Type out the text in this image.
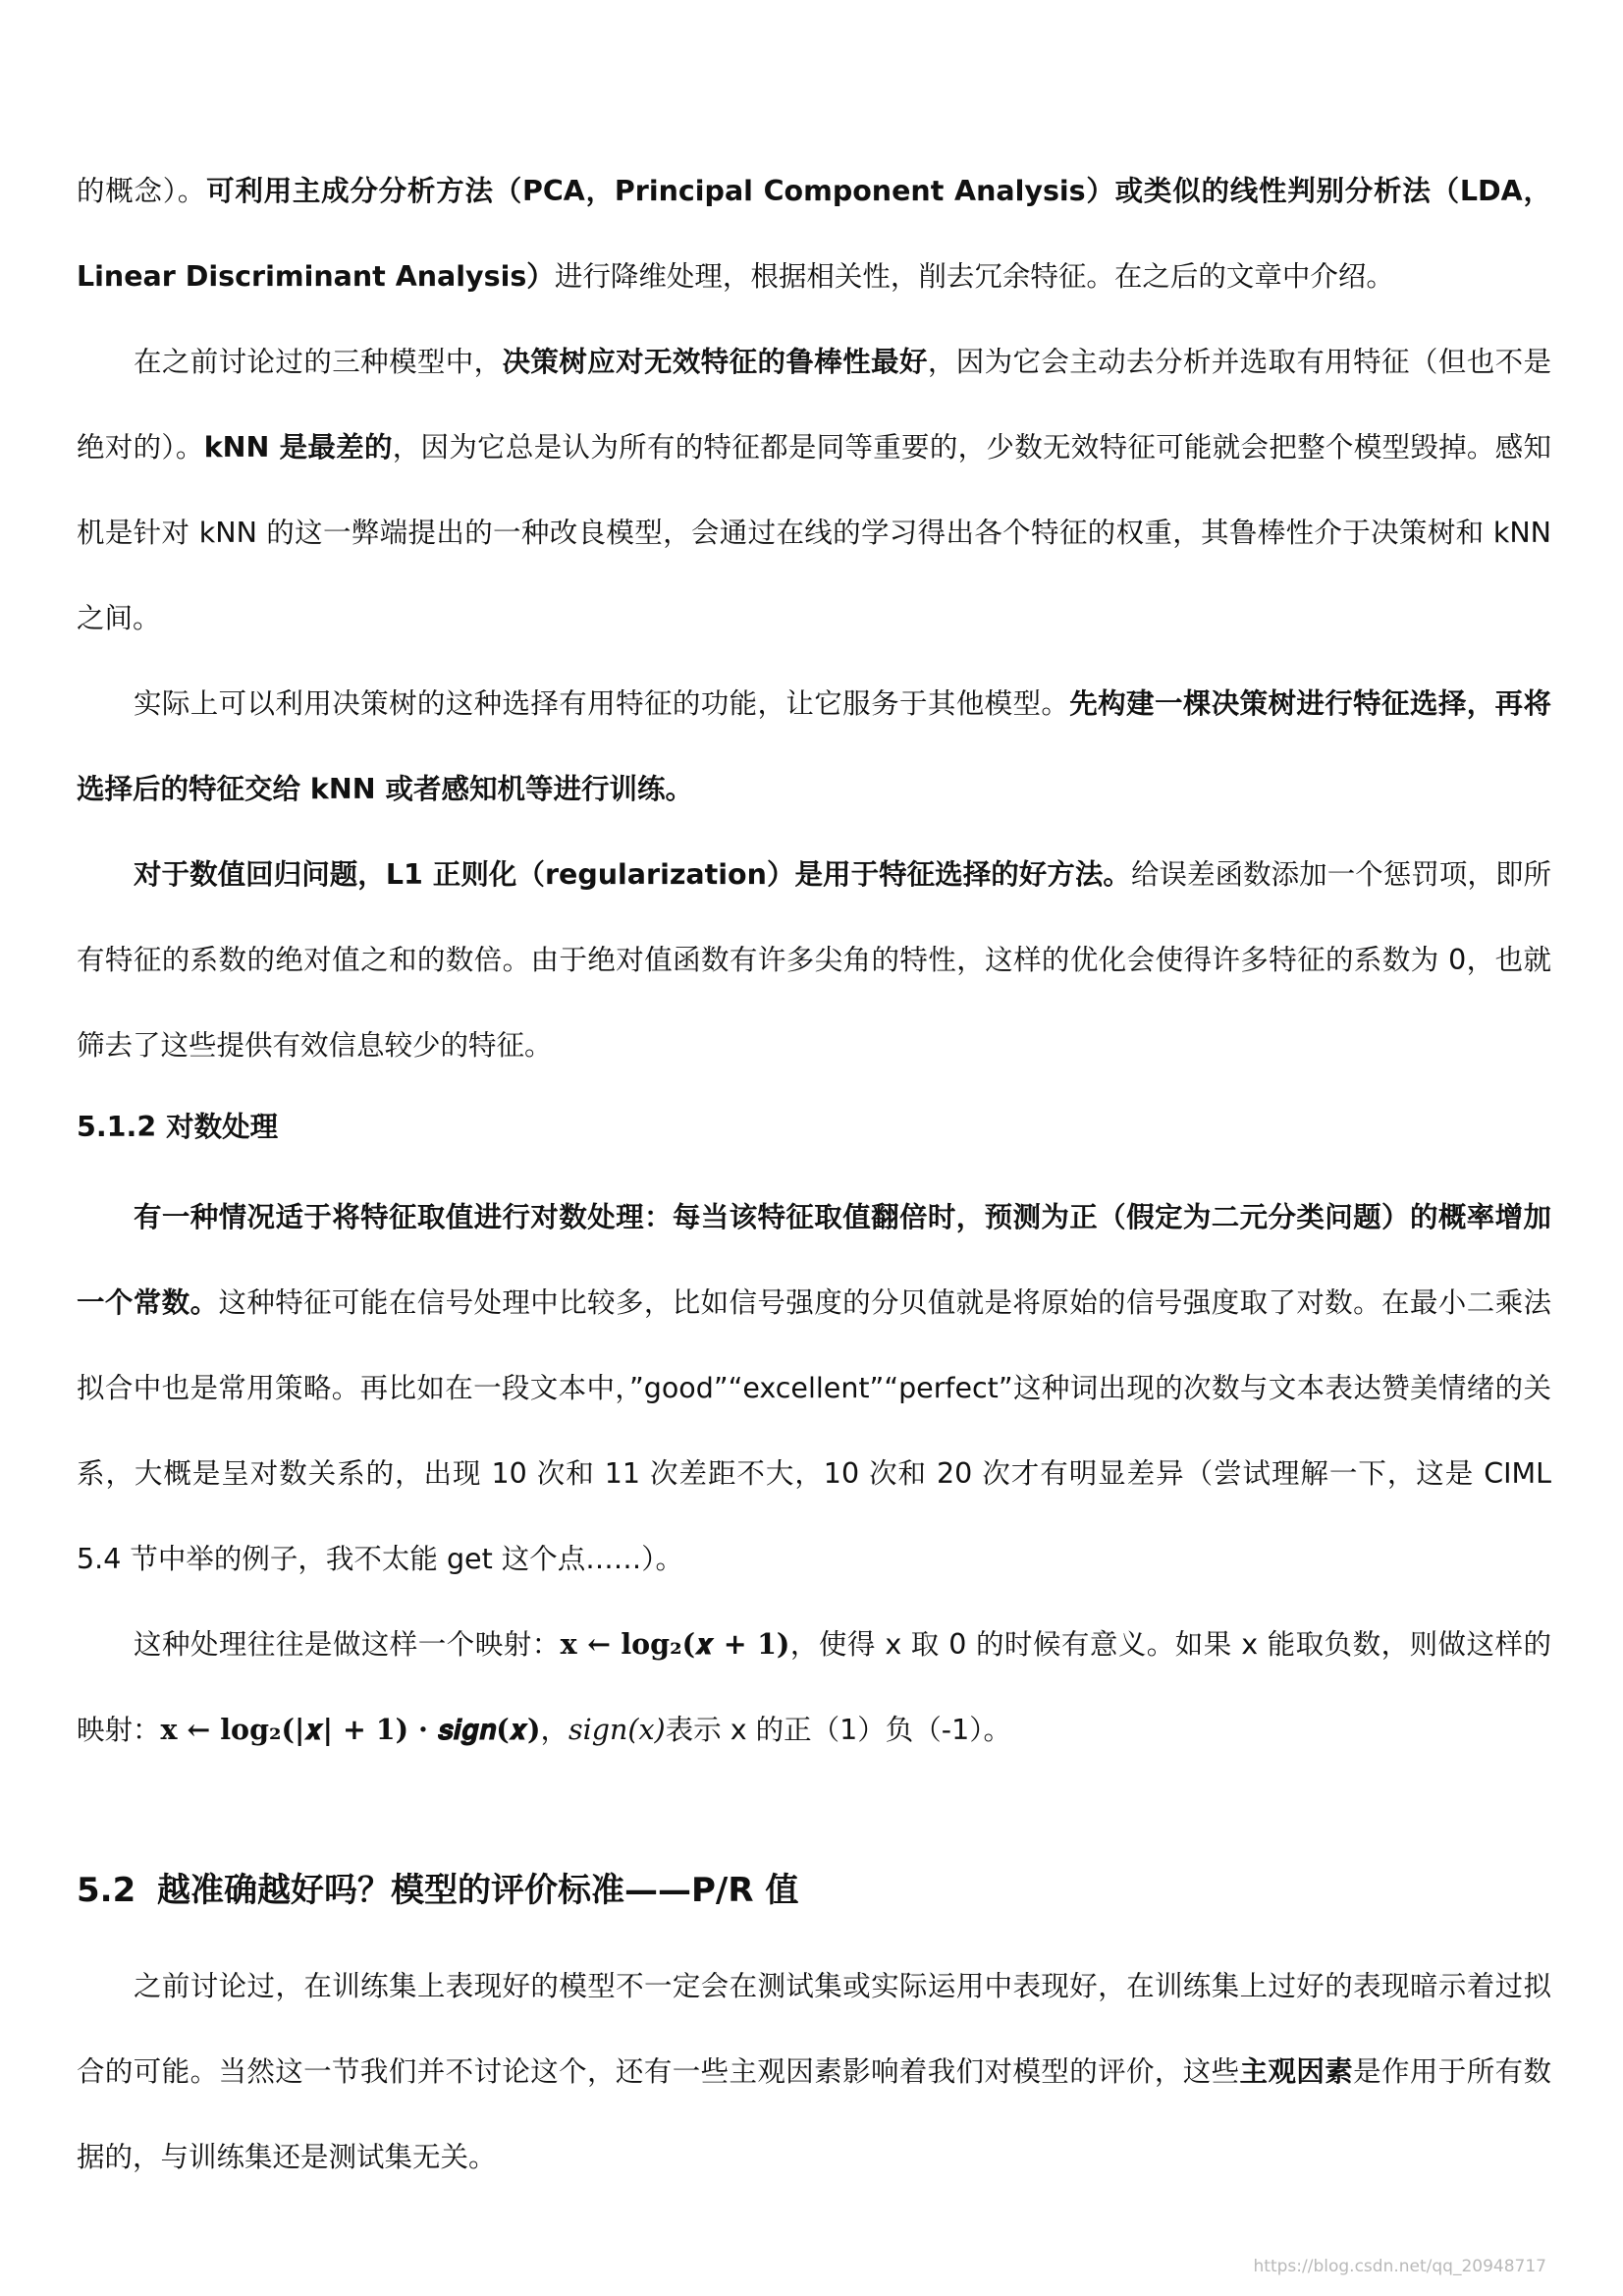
的概念）。可利用主成分分析方法（PCA，Principal Component Analysis）或类似的线性判别分析法（LDA，Linear Discriminant Analysis）进行降维处理，根据相关性，削去冗余特征。在之后的文章中介绍。

在之前讨论过的三种模型中，决策树应对无效特征的鲁棒性最好，因为它会主动去分析并选取有用特征（但也不是绝对的）。kNN 是最差的，因为它总是认为所有的特征都是同等重要的，少数无效特征可能就会把整个模型毁掉。感知机是针对 kNN 的这一弊端提出的一种改良模型，会通过在线的学习得出各个特征的权重，其鲁棒性介于决策树和 kNN 之间。

实际上可以利用决策树的这种选择有用特征的功能，让它服务于其他模型。先构建一棵决策树进行特征选择，再将选择后的特征交给 kNN 或者感知机等进行训练。

对于数值回归问题，L1 正则化（regularization）是用于特征选择的好方法。给误差函数添加一个惩罚项，即所有特征的系数的绝对值之和的数倍。由于绝对值函数有许多尖角的特性，这样的优化会使得许多特征的系数为 0，也就筛去了这些提供有效信息较少的特征。

5.1.2 对数处理

有一种情况适于将特征取值进行对数处理：每当该特征取值翻倍时，预测为正（假定为二元分类问题）的概率增加一个常数。这种特征可能在信号处理中比较多，比如信号强度的分贝值就是将原始的信号强度取了对数。在最小二乘法拟合中也是常用策略。再比如在一段文本中，”good”“excellent”“perfect”这种词出现的次数与文本表达赞美情绪的关系，大概是呈对数关系的，出现 10 次和 11 次差距不大，10 次和 20 次才有明显差异（尝试理解一下，这是 CIML 5.4 节中举的例子，我不太能 get 这个点……）。

这种处理往往是做这样一个映射：x ← log₂(𝒙 + 1)，使得 x 取 0 的时候有意义。如果 x 能取负数，则做这样的映射：x ← log₂(|𝒙| + 1) · 𝒔𝒊𝒈𝒏(𝒙)，sign(x)表示 x 的正（1）负（-1）。

5.2 越准确越好吗？模型的评价标准——P/R 值

之前讨论过，在训练集上表现好的模型不一定会在测试集或实际运用中表现好，在训练集上过好的表现暗示着过拟合的可能。当然这一节我们并不讨论这个，还有一些主观因素影响着我们对模型的评价，这些主观因素是作用于所有数据的，与训练集还是测试集无关。

https://blog.csdn.net/qq_20948717
